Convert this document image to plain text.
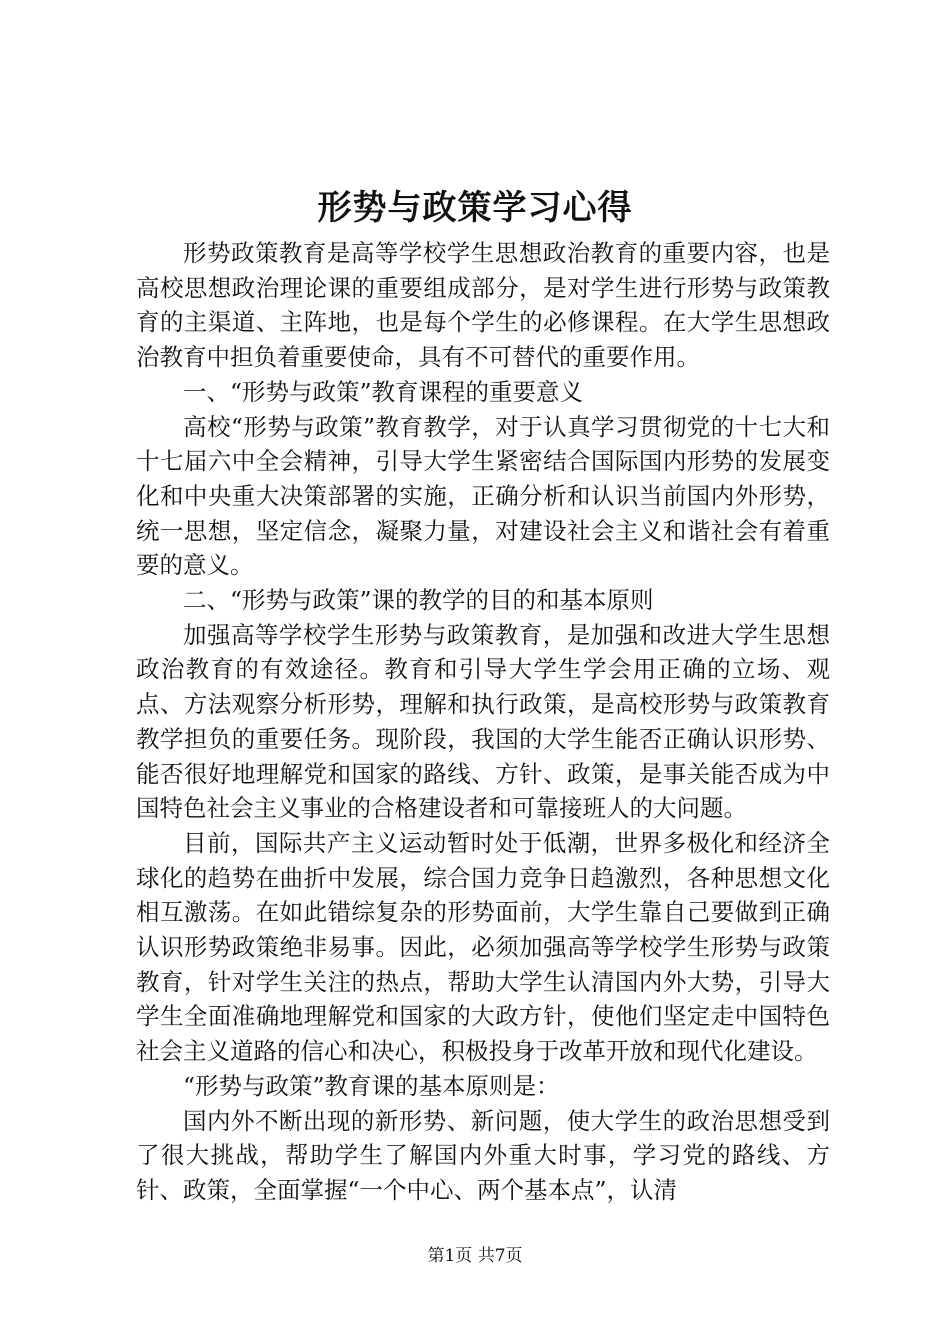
形势与政策学习心得

形势政策教育是高等学校学生思想政治教育的重要内容，也是高校思想政治理论课的重要组成部分，是对学生进行形势与政策教育的主渠道、主阵地，也是每个学生的必修课程。在大学生思想政治教育中担负着重要使命，具有不可替代的重要作用。

一、“形势与政策”教育课程的重要意义

高校“形势与政策”教育教学，对于认真学习贯彻党的十七大和十七届六中全会精神，引导大学生紧密结合国际国内形势的发展变化和中央重大决策部署的实施，正确分析和认识当前国内外形势，统一思想，坚定信念，凝聚力量，对建设社会主义和谐社会有着重要的意义。

二、“形势与政策”课的教学的目的和基本原则

加强高等学校学生形势与政策教育，是加强和改进大学生思想政治教育的有效途径。教育和引导大学生学会用正确的立场、观点、方法观察分析形势，理解和执行政策，是高校形势与政策教育教学担负的重要任务。现阶段，我国的大学生能否正确认识形势、能否很好地理解党和国家的路线、方针、政策，是事关能否成为中国特色社会主义事业的合格建设者和可靠接班人的大问题。

目前，国际共产主义运动暂时处于低潮，世界多极化和经济全球化的趋势在曲折中发展，综合国力竞争日趋激烈，各种思想文化相互激荡。在如此错综复杂的形势面前，大学生靠自己要做到正确认识形势政策绝非易事。因此，必须加强高等学校学生形势与政策教育，针对学生关注的热点，帮助大学生认清国内外大势，引导大学生全面准确地理解党和国家的大政方针，使他们坚定走中国特色社会主义道路的信心和决心，积极投身于改革开放和现代化建设。

“形势与政策”教育课的基本原则是：

国内外不断出现的新形势、新问题，使大学生的政治思想受到了很大挑战，帮助学生了解国内外重大时事，学习党的路线、方针、政策，全面掌握“一个中心、两个基本点”，认清

第1页 共7页
